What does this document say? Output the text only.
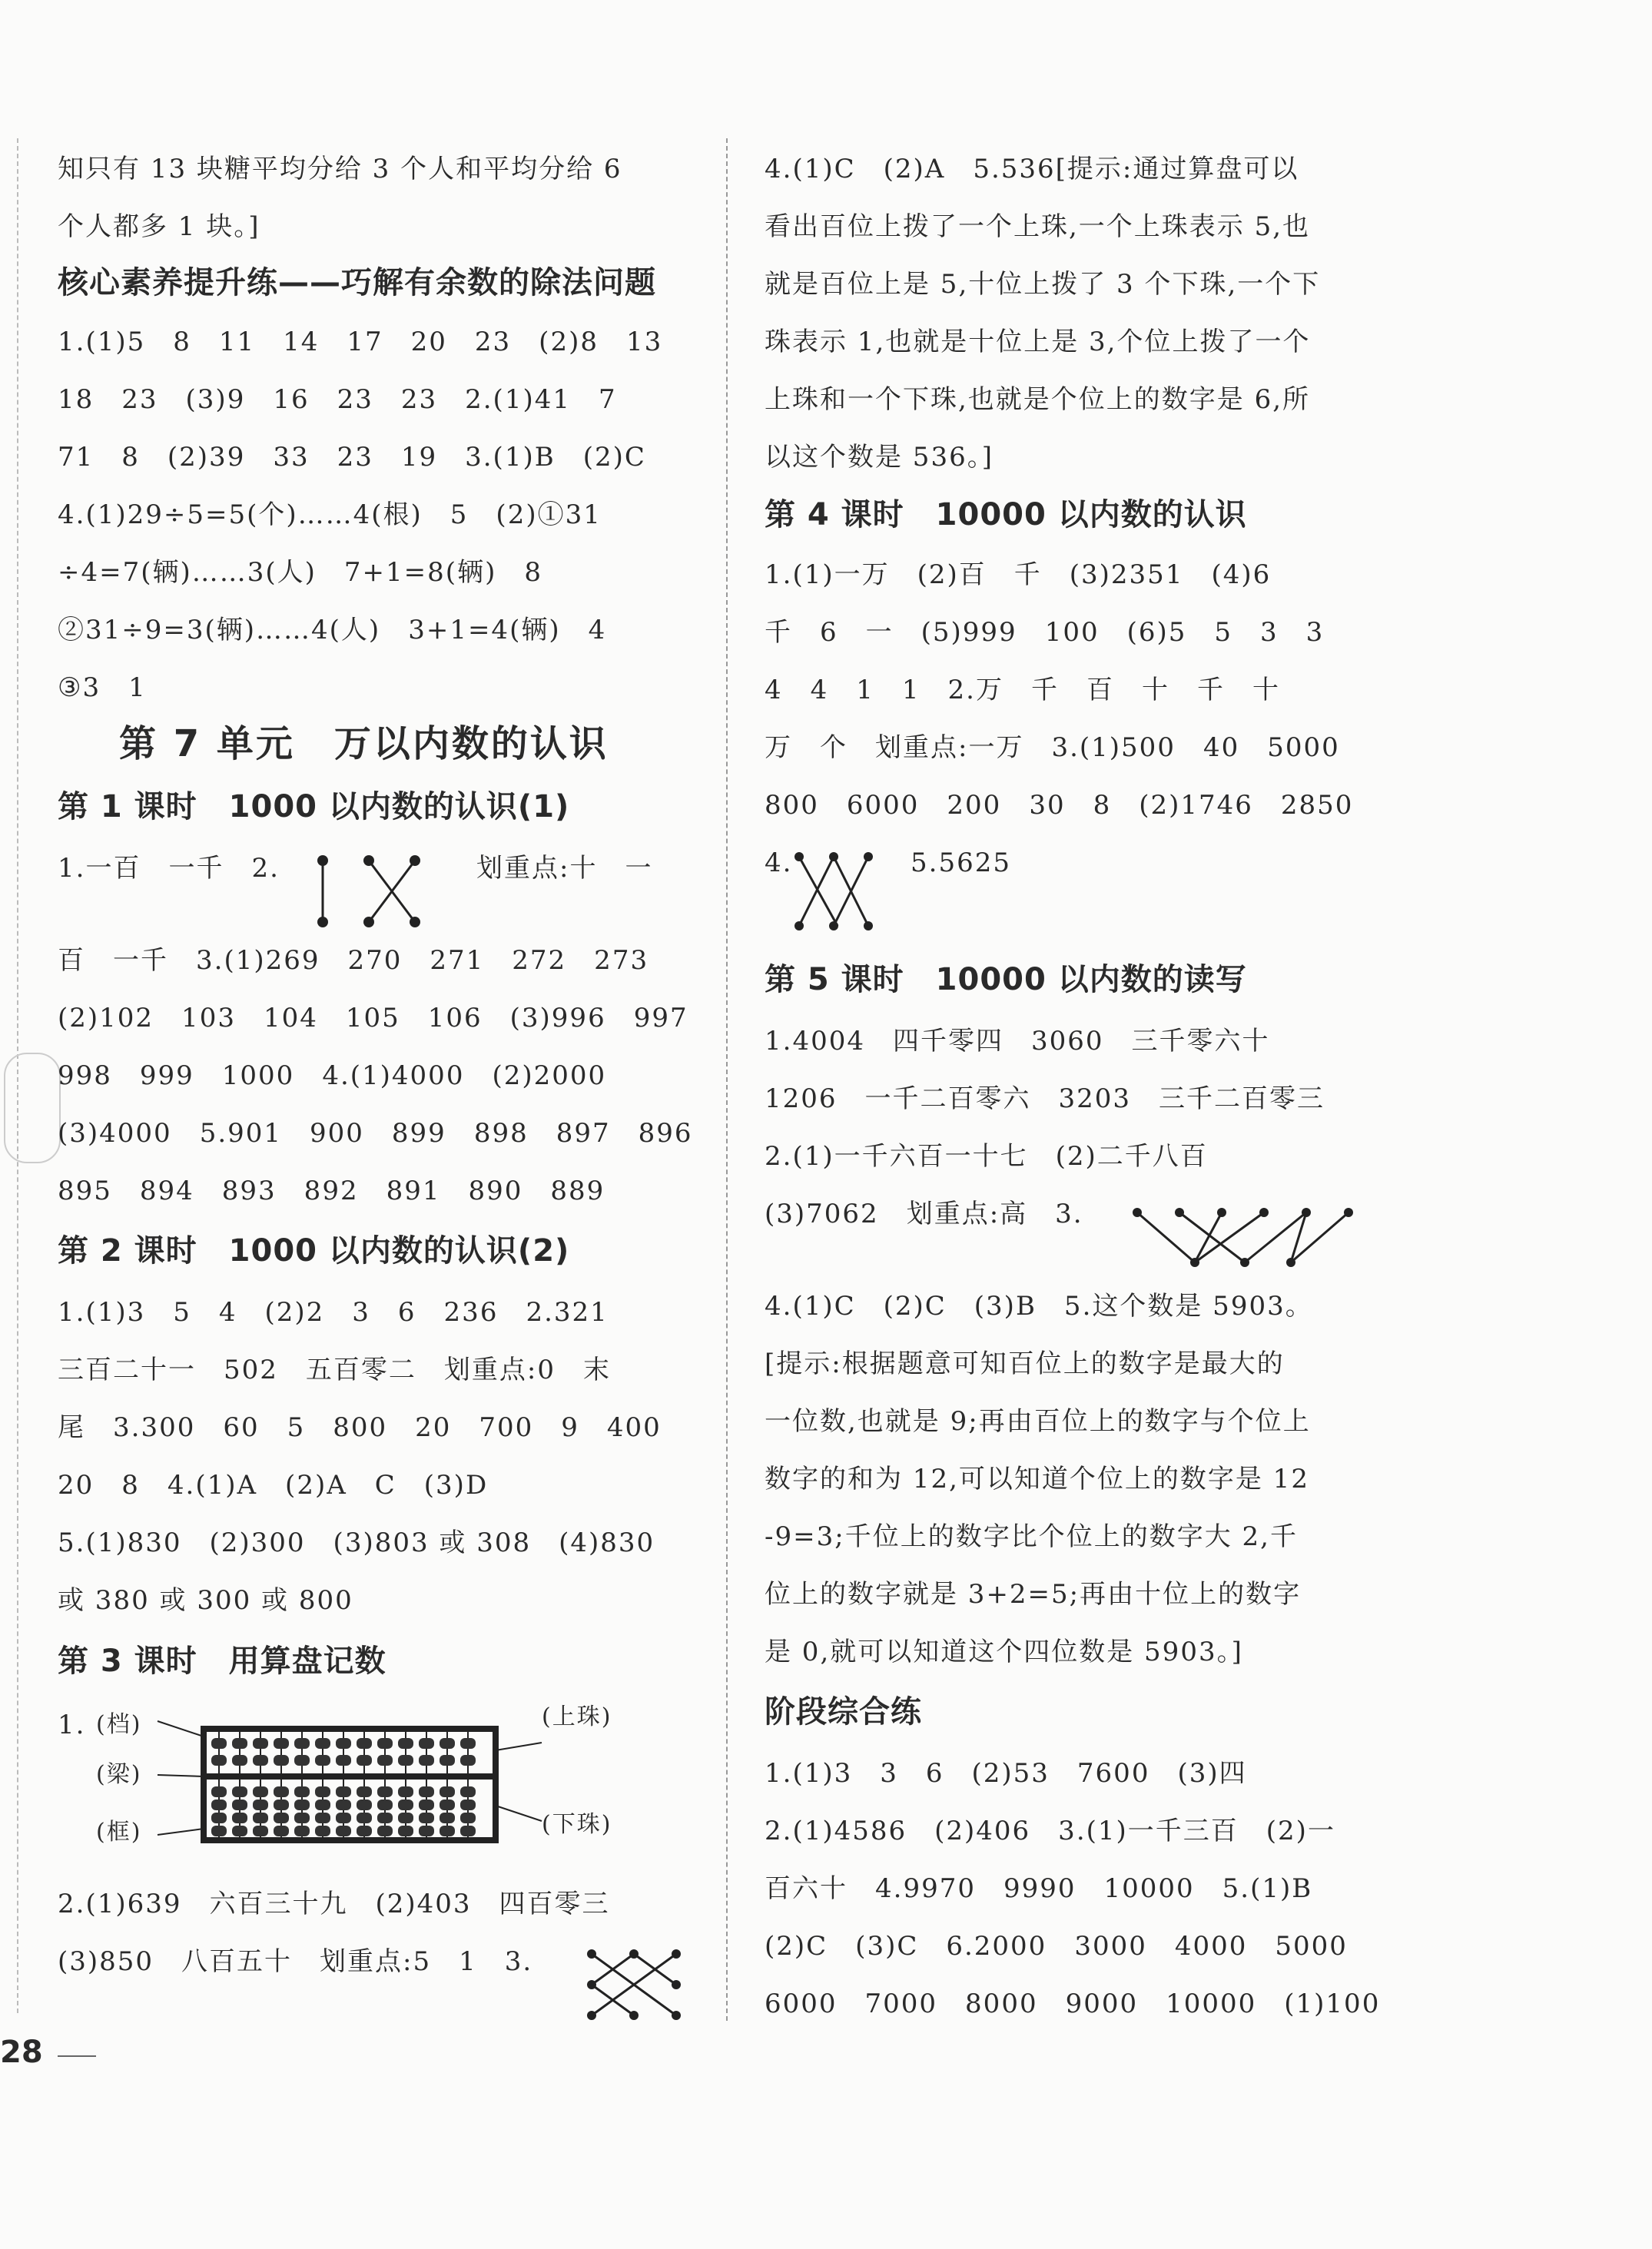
知只有 13 块糖平均分给 3 个人和平均分给 6
个人都多 1 块。]
核心素养提升练——巧解有余数的除法问题
1.(1)5　8　11　14　17　20　23　(2)8　13
18　23　(3)9　16　23　23　2.(1)41　7
71　8　(2)39　33　23　19　3.(1)B　(2)C
4.(1)29÷5=5(个)……4(根)　5　(2)①31
÷4=7(辆)……3(人)　7+1=8(辆)　8
②31÷9=3(辆)……4(人)　3+1=4(辆)　4
③3　1
第 7 单元　万以内数的认识
第 1 课时　1000 以内数的认识(1)
1.一百　一千　2.	划重点:十　一
百　一千　3.(1)269　270　271　272　273
(2)102　103　104　105　106　(3)996　997
998　999　1000　4.(1)4000　(2)2000
(3)4000　5.901　900　899　898　897　896
895　894　893　892　891　890　889
第 2 课时　1000 以内数的认识(2)
1.(1)3　5　4　(2)2　3　6　236　2.321
三百二十一　502　五百零二　划重点:0　末
尾　3.300　60　5　800　20　700　9　400
20　8　4.(1)A　(2)A　C　(3)D
5.(1)830　(2)300　(3)803 或 308　(4)830
或 380 或 300 或 800
第 3 课时　用算盘记数
1. (档)
(梁)
(框)
(上珠)
(下珠)
2.(1)639　六百三十九　(2)403　四百零三
(3)850　八百五十　划重点:5　1　3.
4.(1)C　(2)A　5.536[提示:通过算盘可以
看出百位上拨了一个上珠,一个上珠表示 5,也
就是百位上是 5,十位上拨了 3 个下珠,一个下
珠表示 1,也就是十位上是 3,个位上拨了一个
上珠和一个下珠,也就是个位上的数字是 6,所
以这个数是 536。]
第 4 课时　10000 以内数的认识
1.(1)一万　(2)百　千　(3)2351　(4)6
千　6　一　(5)999　100　(6)5　5　3　3
4　4　1　1　2.万　千　百　十　千　十
万　个　划重点:一万　3.(1)500　40　5000
800　6000　200　30　8　(2)1746　2850
4.	5.5625
第 5 课时　10000 以内数的读写
1.4004　四千零四　3060　三千零六十
1206　一千二百零六　3203　三千二百零三
2.(1)一千六百一十七　(2)二千八百
(3)7062　划重点:高　3.
4.(1)C　(2)C　(3)B　5.这个数是 5903。
[提示:根据题意可知百位上的数字是最大的
一位数,也就是 9;再由百位上的数字与个位上
数字的和为 12,可以知道个位上的数字是 12
-9=3;千位上的数字比个位上的数字大 2,千
位上的数字就是 3+2=5;再由十位上的数字
是 0,就可以知道这个四位数是 5903。]
阶段综合练
1.(1)3　3　6　(2)53　7600　(3)四
2.(1)4586　(2)406　3.(1)一千三百　(2)一
百六十　4.9970　9990　10000　5.(1)B
(2)C　(3)C　6.2000　3000　4000　5000
6000　7000　8000　9000　10000　(1)100
28
